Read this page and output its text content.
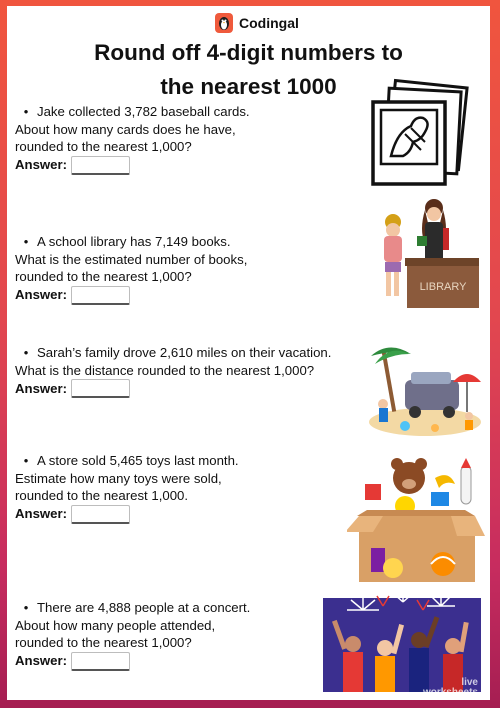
Codingal
Round off 4-digit numbers to
the nearest 1000
• Jake collected 3,782 baseball cards.
About how many cards does he have,
rounded to the nearest 1,000?
Answer:
• A school library has 7,149 books.
What is the estimated number of books,
rounded to the nearest 1,000?
Answer:
• Sarah’s family drove 2,610 miles on their vacation.
What is the distance rounded to the nearest 1,000?
Answer:
• A store sold 5,465 toys last month.
Estimate how many toys were sold,
rounded to the nearest 1,000.
Answer:
• There are 4,888 people at a concert.
About how many people attended,
rounded to the nearest 1,000?
Answer:
LIBRARY
live
worksheets
